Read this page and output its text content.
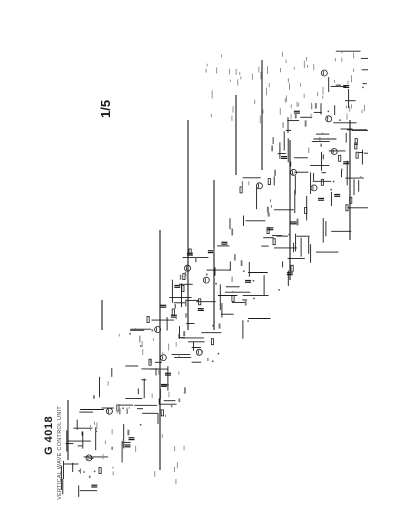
G 4018 VERTICAL WAVE CONTROL UNIT
1/5
